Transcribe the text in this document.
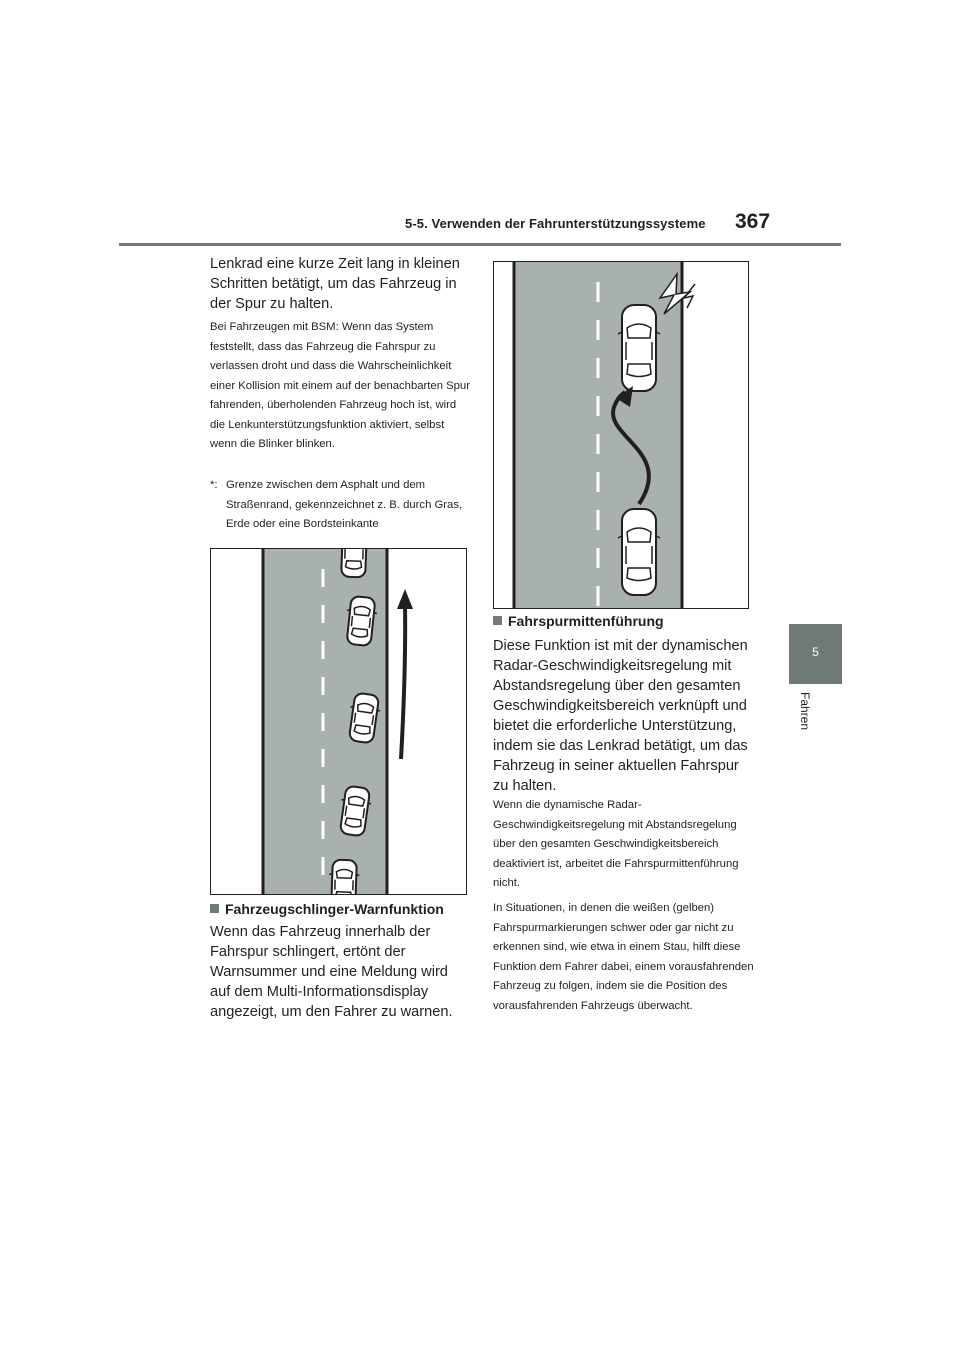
5-5. Verwenden der Fahrunterstützungssysteme 367
5
Fahren
Lenkrad eine kurze Zeit lang in kleinen Schritten betätigt, um das Fahrzeug in der Spur zu halten.
Bei Fahrzeugen mit BSM: Wenn das System feststellt, dass das Fahrzeug die Fahrspur zu verlassen droht und dass die Wahrscheinlichkeit einer Kollision mit einem auf der benachbarten Spur fahrenden, überholenden Fahrzeug hoch ist, wird die Lenkunterstützungsfunktion aktiviert, selbst wenn die Blinker blinken.
*: Grenze zwischen dem Asphalt und dem Straßenrand, gekennzeichnet z. B. durch Gras, Erde oder eine Bordsteinkante
Fahrzeugschlinger-Warnfunktion
Wenn das Fahrzeug innerhalb der Fahrspur schlingert, ertönt der Warnsummer und eine Meldung wird auf dem Multi-Informationsdisplay angezeigt, um den Fahrer zu warnen.
Fahrspurmittenführung
Diese Funktion ist mit der dynamischen Radar-Geschwindigkeitsregelung mit Abstandsregelung über den gesamten Geschwindigkeitsbereich verknüpft und bietet die erforderliche Unterstützung, indem sie das Lenkrad betätigt, um das Fahrzeug in seiner aktuellen Fahrspur zu halten.
Wenn die dynamische Radar-Geschwindigkeitsregelung mit Abstandsregelung über den gesamten Geschwindigkeitsbereich deaktiviert ist, arbeitet die Fahrspurmittenführung nicht.
In Situationen, in denen die weißen (gelben) Fahrspurmarkierungen schwer oder gar nicht zu erkennen sind, wie etwa in einem Stau, hilft diese Funktion dem Fahrer dabei, einem vorausfahrenden Fahrzeug zu folgen, indem sie die Position des vorausfahrenden Fahrzeugs überwacht.
